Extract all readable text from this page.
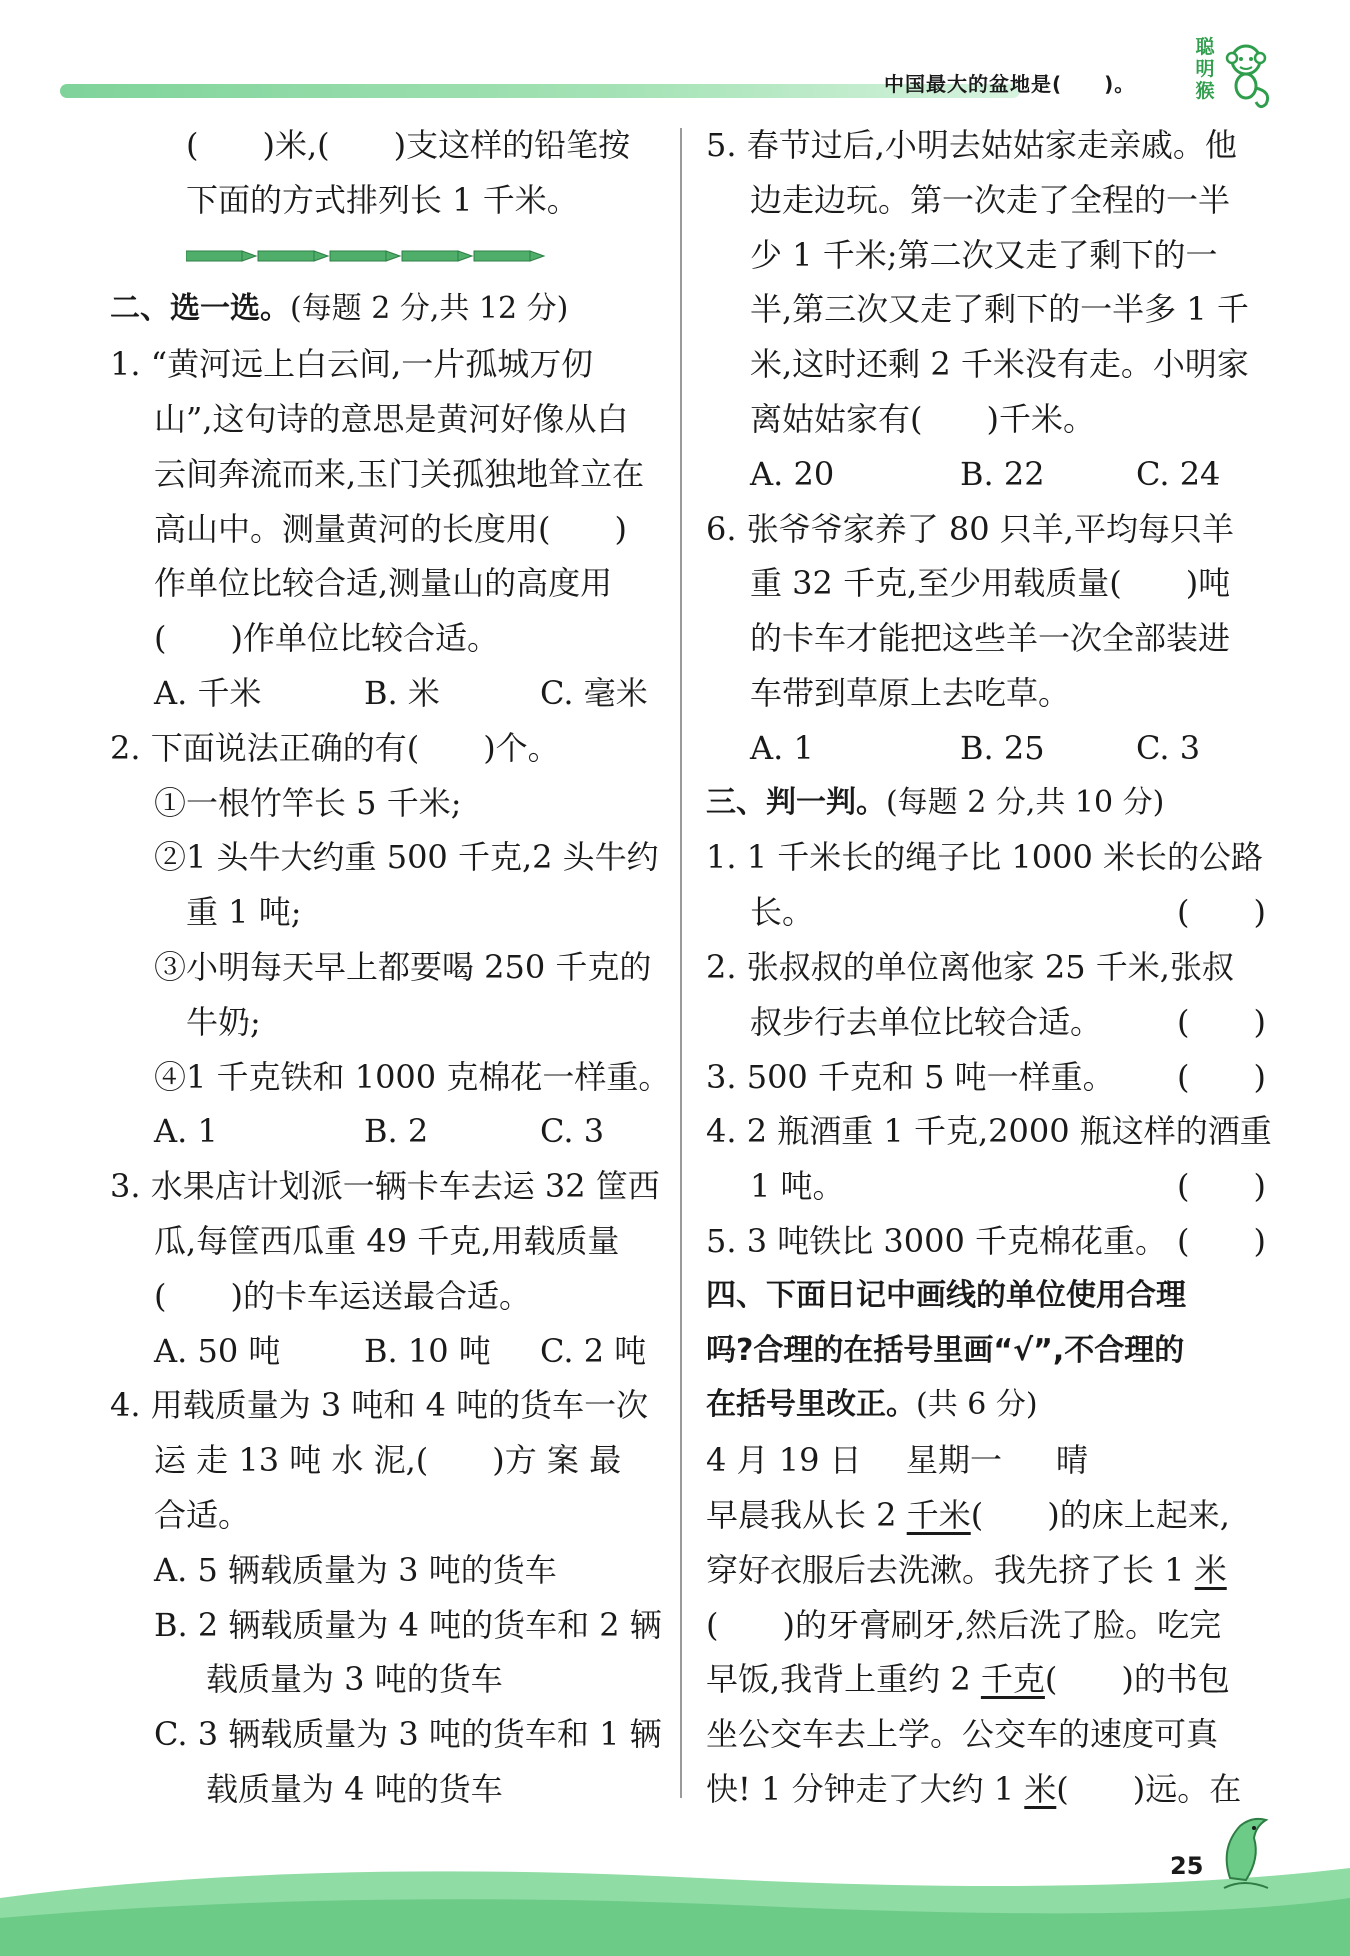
中国最大的盆地是(　　)。
聪
明
猴
(　　)米,(　　)支这样的铅笔按
下面的方式排列长 1 千米。
二、选一选。(每题 2 分,共 12 分)
1. “黄河远上白云间,一片孤城万仞
山”,这句诗的意思是黄河好像从白
云间奔流而来,玉门关孤独地耸立在
高山中。测量黄河的长度用(　　)
作单位比较合适,测量山的高度用
(　　)作单位比较合适。
A. 千米	B. 米	C. 毫米
2. 下面说法正确的有(　　)个。
①一根竹竿长 5 千米;
②1 头牛大约重 500 千克,2 头牛约
重 1 吨;
③小明每天早上都要喝 250 千克的
牛奶;
④1 千克铁和 1000 克棉花一样重。
A. 1	B. 2	C. 3
3. 水果店计划派一辆卡车去运 32 筐西
瓜,每筐西瓜重 49 千克,用载质量
(　　)的卡车运送最合适。
A. 50 吨	B. 10 吨	C. 2 吨
4. 用载质量为 3 吨和 4 吨的货车一次
运 走 13 吨 水 泥,(　　)方 案 最
合适。
A. 5 辆载质量为 3 吨的货车
B. 2 辆载质量为 4 吨的货车和 2 辆
载质量为 3 吨的货车
C. 3 辆载质量为 3 吨的货车和 1 辆
载质量为 4 吨的货车
5. 春节过后,小明去姑姑家走亲戚。他
边走边玩。第一次走了全程的一半
少 1 千米;第二次又走了剩下的一
半,第三次又走了剩下的一半多 1 千
米,这时还剩 2 千米没有走。小明家
离姑姑家有(　　)千米。
A. 20	B. 22	C. 24
6. 张爷爷家养了 80 只羊,平均每只羊
重 32 千克,至少用载质量(　　)吨
的卡车才能把这些羊一次全部装进
车带到草原上去吃草。
A. 1	B. 25	C. 3
三、判一判。(每题 2 分,共 10 分)
1. 1 千米长的绳子比 1000 米长的公路
长。	(　　)
2. 张叔叔的单位离他家 25 千米,张叔
叔步行去单位比较合适。 (　　)
3. 500 千克和 5 吨一样重。 (　　)
4. 2 瓶酒重 1 千克,2000 瓶这样的酒重
1 吨。	(　　)
5. 3 吨铁比 3000 千克棉花重。 (　　)
四、下面日记中画线的单位使用合理
吗?合理的在括号里画“√”,不合理的
在括号里改正。(共 6 分)
4 月 19 日	星期一	晴
早晨我从长 2 千米(　　)的床上起来,
穿好衣服后去洗漱。我先挤了长 1 米
(　　)的牙膏刷牙,然后洗了脸。吃完
早饭,我背上重约 2 千克(　　)的书包
坐公交车去上学。公交车的速度可真
快! 1 分钟走了大约 1 米(　　)远。在
25
